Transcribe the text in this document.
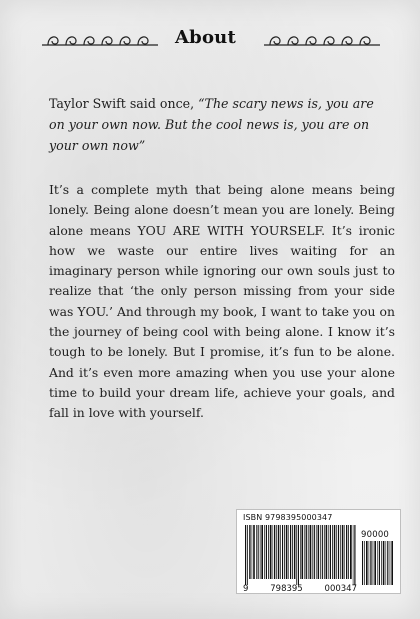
About
Taylor Swift said once, “The scary news is, you are on your own now. But the cool news is, you are on your own now”
It’s a complete myth that being alone means being lonely. Being alone doesn’t mean you are lonely. Being alone means YOU ARE WITH YOURSELF. It’s ironic how we waste our entire lives waiting for an imaginary person while ignoring our own souls just to realize that ‘the only person missing from your side was YOU.’ And through my book, I want to take you on the journey of being cool with being alone. I know it’s tough to be lonely. But I promise, it’s fun to be alone. And it’s even more amazing when you use your alone time to build your dream life, achieve your goals, and fall in love with yourself.
ISBN 9798395000347
90000
9	798395	000347
